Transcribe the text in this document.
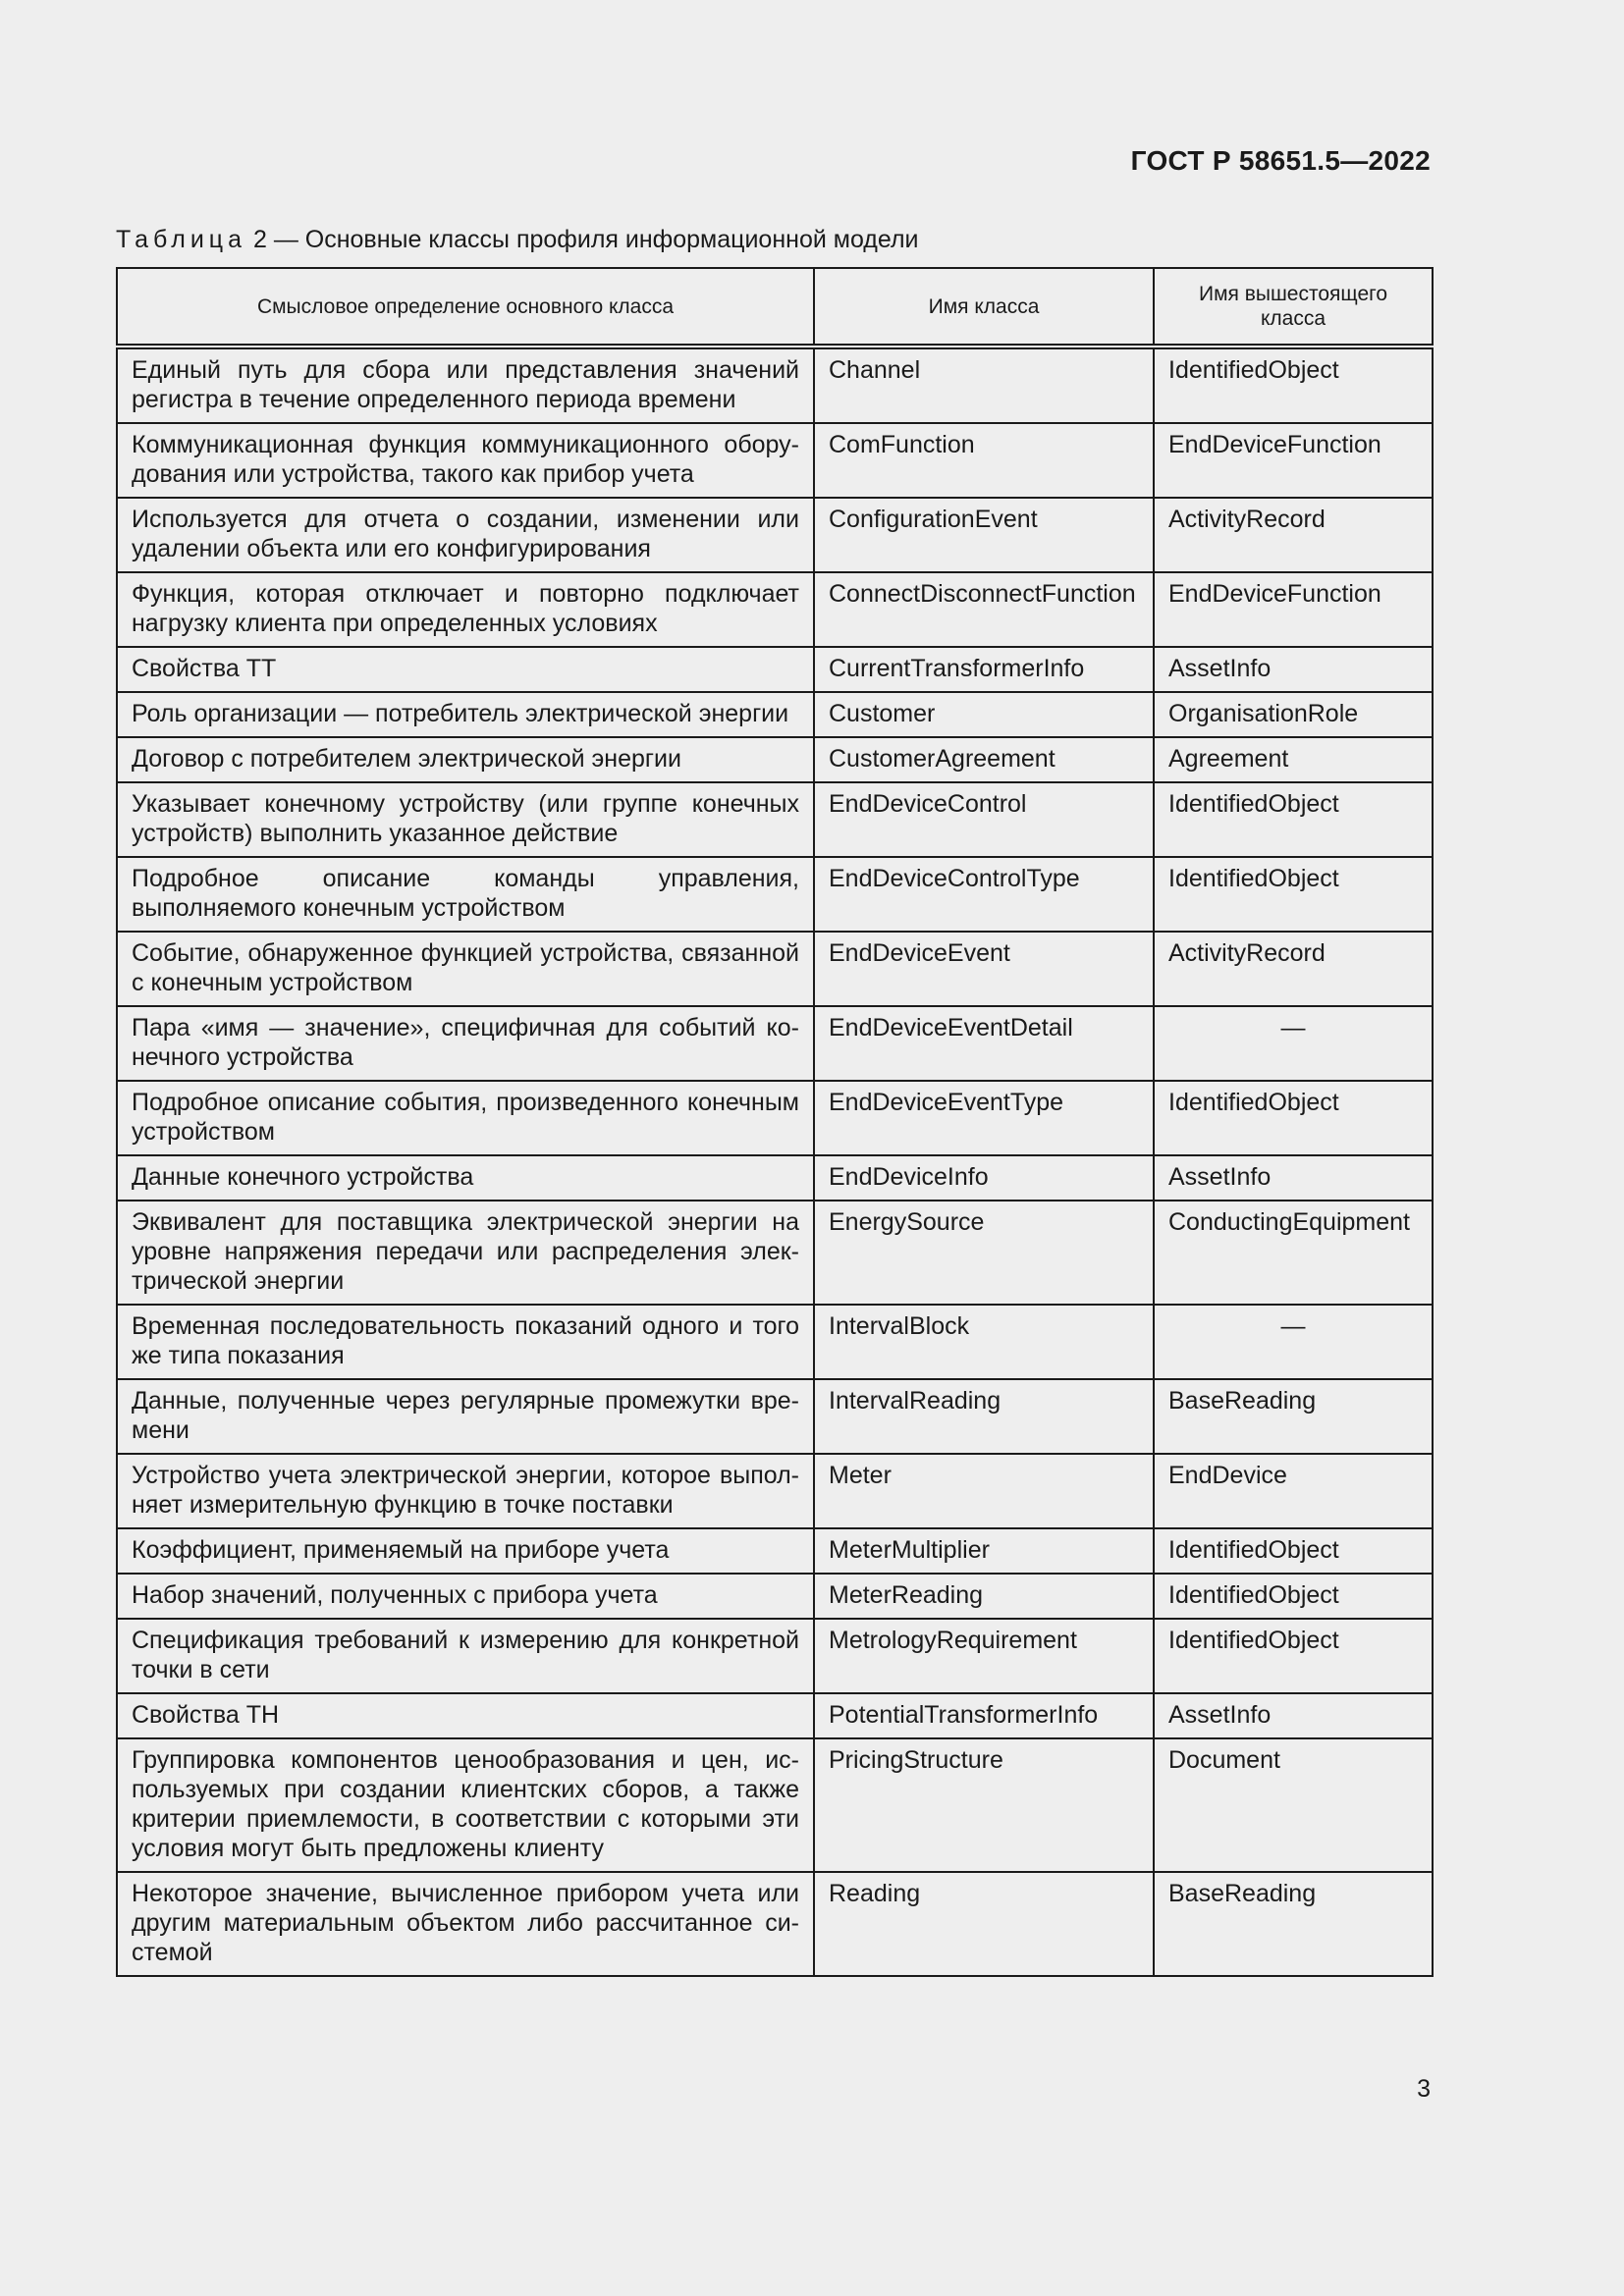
ГОСТ Р 58651.5—2022
Таблица 2 — Основные классы профиля информационной модели
Смысловое определение основного класса	Имя класса	Имя вышестоящего класса
Единый путь для сбора или представления значений регистра в течение определенного периода времени	Channel	IdentifiedObject
Коммуникационная функция коммуникационного оборудования или устройства, такого как прибор учета	ComFunction	EndDeviceFunction
Используется для отчета о создании, изменении или удалении объекта или его конфигурирования	ConfigurationEvent	ActivityRecord
Функция, которая отключает и повторно подключает нагрузку клиента при определенных условиях	ConnectDisconnectFunction	EndDeviceFunction
Свойства ТТ	CurrentTransformerInfo	AssetInfo
Роль организации — потребитель электрической энергии	Customer	OrganisationRole
Договор с потребителем электрической энергии	CustomerAgreement	Agreement
Указывает конечному устройству (или группе конечных устройств) выполнить указанное действие	EndDeviceControl	IdentifiedObject
Подробное описание команды управления, выполняемого конечным устройством	EndDeviceControlType	IdentifiedObject
Событие, обнаруженное функцией устройства, связанной с конечным устройством	EndDeviceEvent	ActivityRecord
Пара «имя — значение», специфичная для событий конечного устройства	EndDeviceEventDetail	—
Подробное описание события, произведенного конечным устройством	EndDeviceEventType	IdentifiedObject
Данные конечного устройства	EndDeviceInfo	AssetInfo
Эквивалент для поставщика электрической энергии на уровне напряжения передачи или распределения электрической энергии	EnergySource	ConductingEquipment
Временная последовательность показаний одного и того же типа показания	IntervalBlock	—
Данные, полученные через регулярные промежутки времени	IntervalReading	BaseReading
Устройство учета электрической энергии, которое выполняет измерительную функцию в точке поставки	Meter	EndDevice
Коэффициент, применяемый на приборе учета	MeterMultiplier	IdentifiedObject
Набор значений, полученных с прибора учета	MeterReading	IdentifiedObject
Спецификация требований к измерению для конкретной точки в сети	MetrologyRequirement	IdentifiedObject
Свойства ТН	PotentialTransformerInfo	AssetInfo
Группировка компонентов ценообразования и цен, используемых при создании клиентских сборов, а также критерии приемлемости, в соответствии с которыми эти условия могут быть предложены клиенту	PricingStructure	Document
Некоторое значение, вычисленное прибором учета или другим материальным объектом либо рассчитанное системой	Reading	BaseReading
3
